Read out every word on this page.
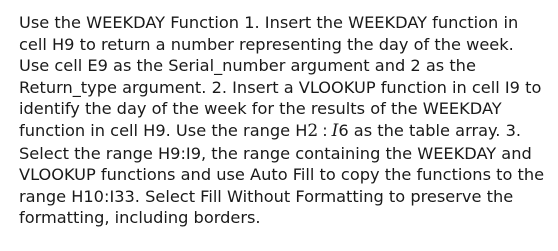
Use the WEEKDAY Function 1. Insert the WEEKDAY function in cell H9 to return a number representing the day of the week. Use cell E9 as the Serial_number argument and 2 as the Return_type argument. 2. Insert a VLOOKUP function in cell I9 to identify the day of the week for the results of the WEEKDAY function in cell H9. Use the range H2 : I6 as the table array. 3. Select the range H9:I9, the range containing the WEEKDAY and VLOOKUP functions and use Auto Fill to copy the functions to the range H10:I33. Select Fill Without Formatting to preserve the formatting, including borders.
